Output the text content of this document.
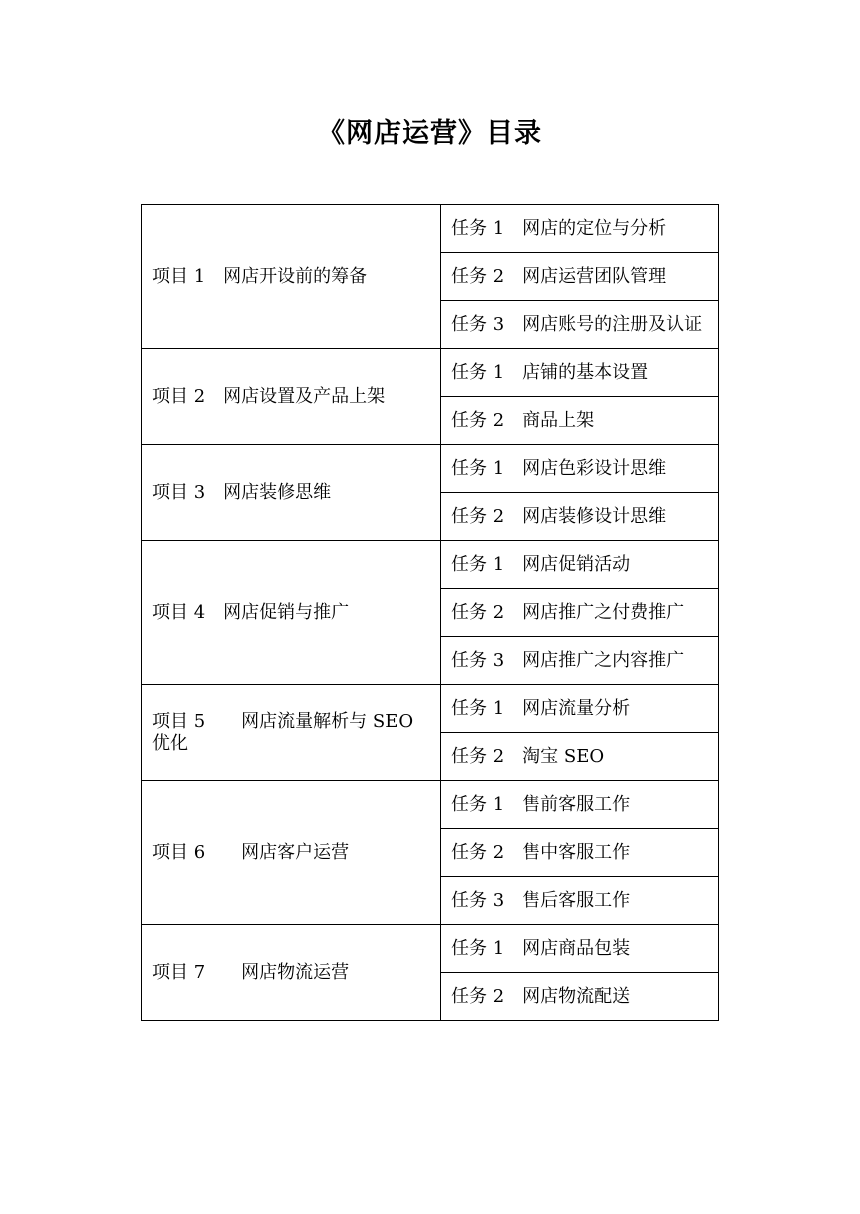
《网店运营》目录
项目 1　网店开设前的筹备	任务 1　网店的定位与分析
	任务 2　网店运营团队管理
	任务 3　网店账号的注册及认证
项目 2　网店设置及产品上架	任务 1　店铺的基本设置
	任务 2　商品上架
项目 3　网店装修思维	任务 1　网店色彩设计思维
	任务 2　网店装修设计思维
项目 4　网店促销与推广	任务 1　网店促销活动
	任务 2　网店推广之付费推广
	任务 3　网店推广之内容推广
项目 5　　网店流量解析与 SEO 优化	任务 1　网店流量分析
	任务 2　淘宝 SEO
项目 6　　网店客户运营	任务 1　售前客服工作
	任务 2　售中客服工作
	任务 3　售后客服工作
项目 7　　网店物流运营	任务 1　网店商品包装
	任务 2　网店物流配送
